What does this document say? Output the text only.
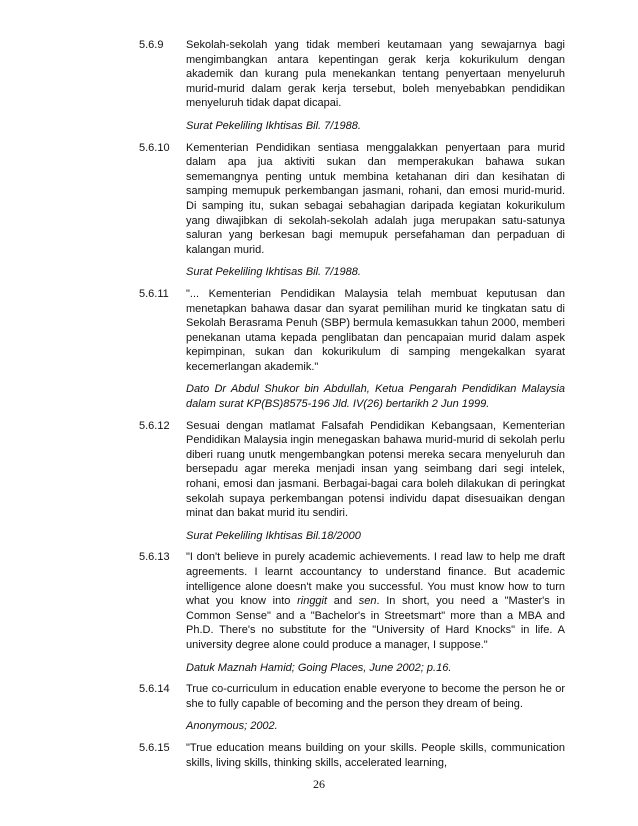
5.6.9	Sekolah-sekolah yang tidak memberi keutamaan yang sewajarnya bagi mengimbangkan antara kepentingan gerak kerja kokurikulum dengan akademik dan kurang pula menekankan tentang penyertaan menyeluruh murid-murid dalam gerak kerja tersebut, boleh menyebabkan pendidikan menyeluruh tidak dapat dicapai.

Surat Pekeliling Ikhtisas Bil. 7/1988.

5.6.10	Kementerian Pendidikan sentiasa menggalakkan penyertaan para murid dalam apa jua aktiviti sukan dan memperakukan bahawa sukan sememangnya penting untuk membina ketahanan diri dan kesihatan di samping memupuk perkembangan jasmani, rohani, dan emosi murid-murid. Di samping itu, sukan sebagai sebahagian daripada kegiatan kokurikulum yang diwajibkan di sekolah-sekolah adalah juga merupakan satu-satunya saluran yang berkesan bagi memupuk persefahaman dan perpaduan di kalangan murid.

Surat Pekeliling Ikhtisas Bil. 7/1988.

5.6.11	"... Kementerian Pendidikan Malaysia telah membuat keputusan dan menetapkan bahawa dasar dan syarat pemilihan murid ke tingkatan satu di Sekolah Berasrama Penuh (SBP) bermula kemasukkan tahun 2000, memberi penekanan utama kepada penglibatan dan pencapaian murid dalam aspek kepimpinan, sukan dan kokurikulum di samping mengekalkan syarat kecemerlangan akademik."

Dato Dr Abdul Shukor bin Abdullah, Ketua Pengarah Pendidikan Malaysia dalam surat KP(BS)8575-196 Jld. IV(26) bertarikh 2 Jun 1999.

5.6.12	Sesuai dengan matlamat Falsafah Pendidikan Kebangsaan, Kementerian Pendidikan Malaysia ingin menegaskan bahawa murid-murid di sekolah perlu diberi ruang unutk mengembangkan potensi mereka secara menyeluruh dan bersepadu agar mereka menjadi insan yang seimbang dari segi intelek, rohani, emosi dan jasmani. Berbagai-bagai cara boleh dilakukan di peringkat sekolah supaya perkembangan potensi individu dapat disesuaikan dengan minat dan bakat murid itu sendiri.

Surat Pekeliling Ikhtisas Bil.18/2000

5.6.13	"I don't believe in purely academic achievements. I read law to help me draft agreements. I learnt accountancy to understand finance. But academic intelligence alone doesn't make you successful. You must know how to turn what you know into ringgit and sen. In short, you need a "Master's in Common Sense" and a "Bachelor's in Streetsmart" more than a MBA and Ph.D. There's no substitute for the "University of Hard Knocks" in life. A university degree alone could produce a manager, I suppose."

Datuk Maznah Hamid; Going Places, June 2002; p.16.

5.6.14	True co-curriculum in education enable everyone to become the person he or she to fully capable of becoming and the person they dream of being.

Anonymous; 2002.

5.6.15	"True education means building on your skills. People skills, communication skills, living skills, thinking skills, accelerated learning,

26
